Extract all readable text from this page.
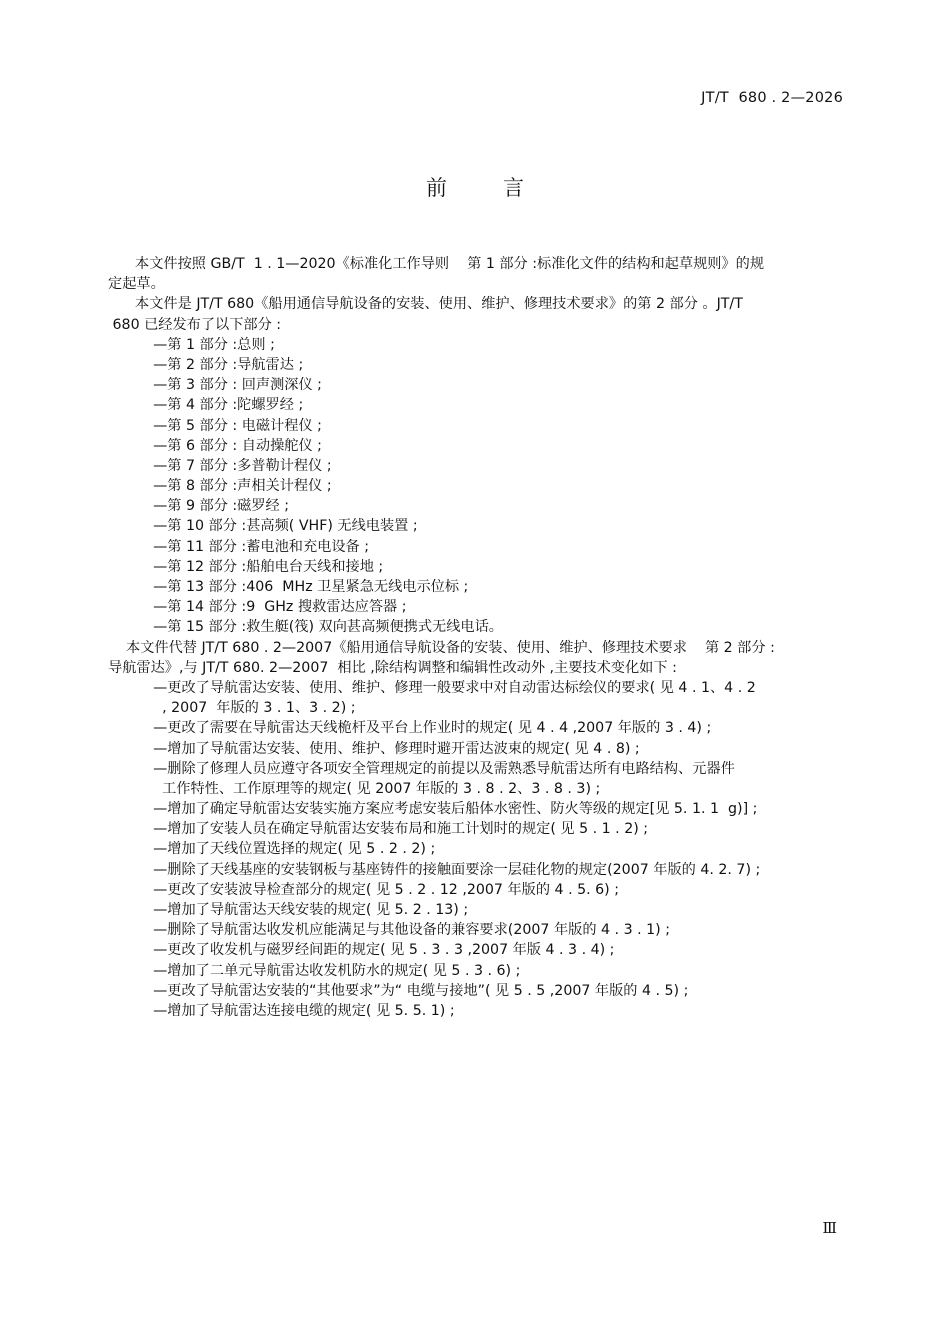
JT/T  680 . 2—2026
前言
本文件按照 GB/T  1 . 1—2020《标准化工作导则    第 1 部分 :标准化文件的结构和起草规则》的规
定起草。
本文件是 JT/T 680《船用通信导航设备的安装、使用、维护、修理技术要求》的第 2 部分 。JT/T
680 已经发布了以下部分 :
—第 1 部分 :总则 ;
—第 2 部分 :导航雷达 ;
—第 3 部分 : 回声测深仪 ;
—第 4 部分 :陀螺罗经 ;
—第 5 部分 : 电磁计程仪 ;
—第 6 部分 : 自动操舵仪 ;
—第 7 部分 :多普勒计程仪 ;
—第 8 部分 :声相关计程仪 ;
—第 9 部分 :磁罗经 ;
—第 10 部分 :甚高频( VHF) 无线电装置 ;
—第 11 部分 :蓄电池和充电设备 ;
—第 12 部分 :船舶电台天线和接地 ;
—第 13 部分 :406  MHz 卫星紧急无线电示位标 ;
—第 14 部分 :9  GHz 搜救雷达应答器 ;
—第 15 部分 :救生艇(筏) 双向甚高频便携式无线电话。
本文件代替 JT/T 680 . 2—2007《船用通信导航设备的安装、使用、维护、修理技术要求    第 2 部分 :
导航雷达》,与 JT/T 680. 2—2007  相比 ,除结构调整和编辑性改动外 ,主要技术变化如下 :
—更改了导航雷达安装、使用、维护、修理一般要求中对自动雷达标绘仪的要求( 见 4 . 1、4 . 2
, 2007  年版的 3 . 1、3 . 2) ;
—更改了需要在导航雷达天线桅杆及平台上作业时的规定( 见 4 . 4 ,2007 年版的 3 . 4) ;
—增加了导航雷达安装、使用、维护、修理时避开雷达波束的规定( 见 4 . 8) ;
—删除了修理人员应遵守各项安全管理规定的前提以及需熟悉导航雷达所有电路结构、元器件
工作特性、工作原理等的规定( 见 2007 年版的 3 . 8 . 2、3 . 8 . 3) ;
—增加了确定导航雷达安装实施方案应考虑安装后船体水密性、防火等级的规定[见 5. 1. 1  g)] ;
—增加了安装人员在确定导航雷达安装布局和施工计划时的规定( 见 5 . 1 . 2) ;
—增加了天线位置选择的规定( 见 5 . 2 . 2) ;
—删除了天线基座的安装钢板与基座铸件的接触面要涂一层硅化物的规定(2007 年版的 4. 2. 7) ;
—更改了安装波导检查部分的规定( 见 5 . 2 . 12 ,2007 年版的 4 . 5. 6) ;
—增加了导航雷达天线安装的规定( 见 5. 2 . 13) ;
—删除了导航雷达收发机应能满足与其他设备的兼容要求(2007 年版的 4 . 3 . 1) ;
—更改了收发机与磁罗经间距的规定( 见 5 . 3 . 3 ,2007 年版 4 . 3 . 4) ;
—增加了二单元导航雷达收发机防水的规定( 见 5 . 3 . 6) ;
—更改了导航雷达安装的“其他要求”为“ 电缆与接地”( 见 5 . 5 ,2007 年版的 4 . 5) ;
—增加了导航雷达连接电缆的规定( 见 5. 5. 1) ;
Ⅲ
